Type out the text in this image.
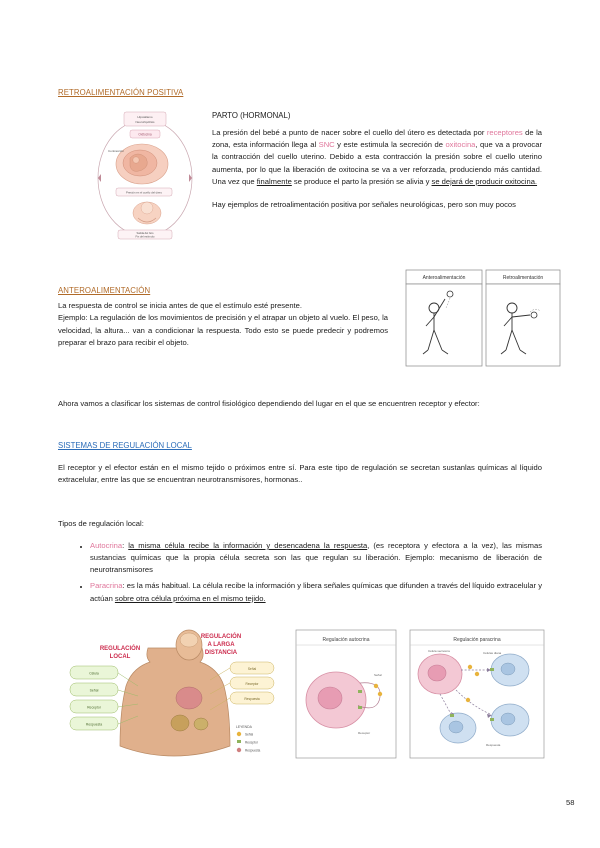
RETROALIMENTACIÓN POSITIVA
Hipotálamo
Neurohipófisis
Oxitocina
Contracción
Presión en el cuello del útero
Salida del feto
Fin del estímulo
PARTO (HORMONAL)
La presión del bebé a punto de nacer sobre el cuello del útero es detectada por receptores de la zona, esta información llega al SNC y este estimula la secreción de oxitocina, que va a provocar la contracción del cuello uterino. Debido a esta contracción la presión sobre el cuello uterino aumenta, por lo que la liberación de oxitocina se va a ver reforzada, produciendo más cantidad. Una vez que finalmente se produce el parto la presión se alivia y se dejará de producir oxitocina.
Hay ejemplos de retroalimentación positiva por señales neurológicas, pero son muy pocos
ANTEROALIMENTACIÓN
La respuesta de control se inicia antes de que el estímulo esté presente.
Ejemplo: La regulación de los movimientos de precisión y el atrapar un objeto al vuelo. El peso, la velocidad, la altura... van a condicionar la respuesta. Todo esto se puede predecir y podremos preparar el brazo para recibir el objeto.
Anteroalimentación	Retroalimentación
Ahora vamos a clasificar los sistemas de control fisiológico dependiendo del lugar en el que se encuentren receptor y efector:
SISTEMAS DE REGULACIÓN LOCAL
El receptor y el efector están en el mismo tejido o próximos entre sí. Para este tipo de regulación se secretan sustanlas químicas al líquido extracelular, entre las que se encuentran neurotransmisores, hormonas..
Tipos de regulación local:
• Autocrina: la misma célula recibe la información y desencadena la respuesta, (es receptora y efectora a la vez), las mismas sustancias químicas que la propia célula secreta son las que regulan su liberación. Ejemplo: mecanismo de liberación de neurotransmisores
• Paracrina: es la más habitual. La célula recibe la información y libera señales químicas que difunden a través del líquido extracelular y actúan sobre otra célula próxima en el mismo tejido.
REGULACIÓN
LOCAL
REGULACIÓN
A LARGA
DISTANCIA
Célula
Señal
Receptor
Respuesta
Señal
Receptor
Respuesta
LEYENDA
Señal
Receptor
Respuesta
Regulación autocrina
Señal
Receptor
Regulación paracrina
Célula secretora	Células diana
Respuesta
58
